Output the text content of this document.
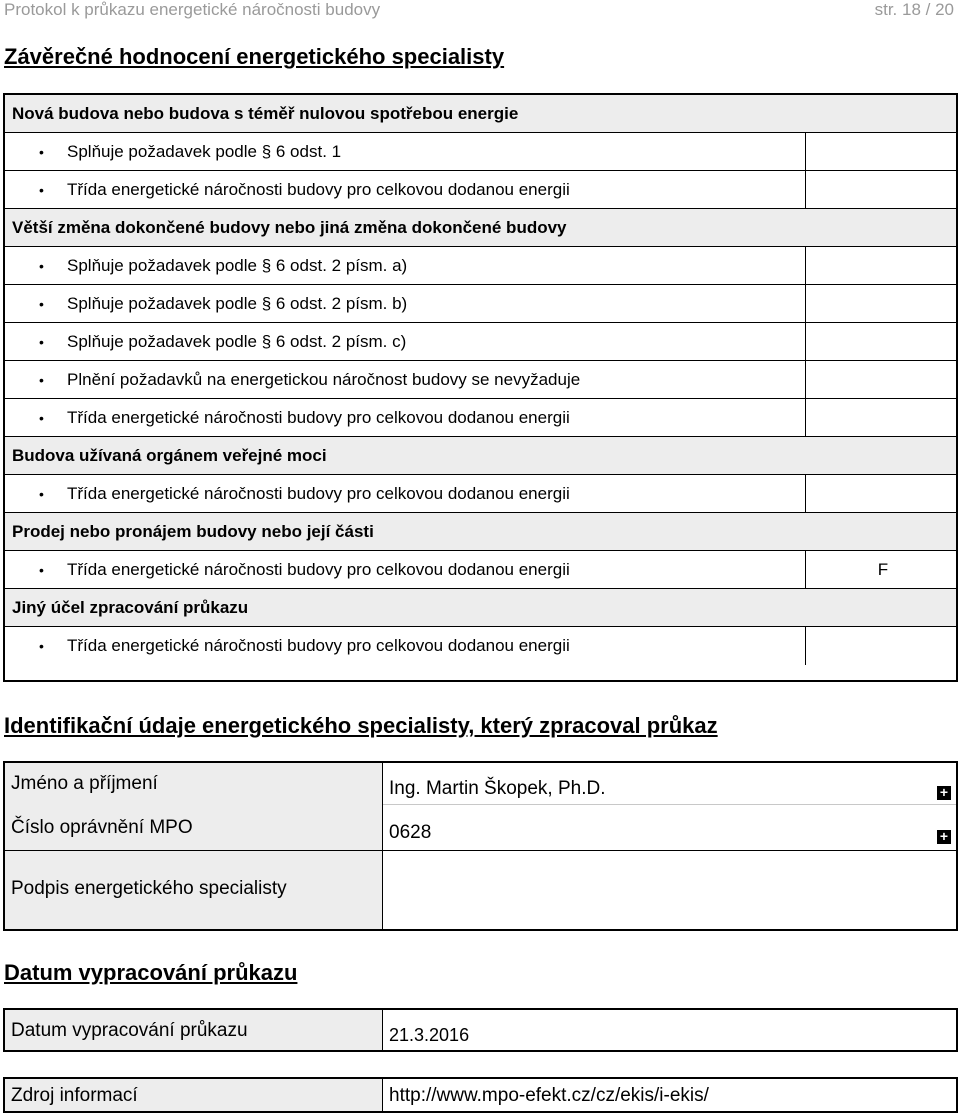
Protokol k průkazu energetické náročnosti budovy	str. 18 / 20
Závěrečné hodnocení energetického specialisty
Nová budova nebo budova s téměř nulovou spotřebou energie
• Splňuje požadavek podle § 6 odst. 1
• Třída energetické náročnosti budovy pro celkovou dodanou energii
Větší změna dokončené budovy nebo jiná změna dokončené budovy
• Splňuje požadavek podle § 6 odst. 2 písm. a)
• Splňuje požadavek podle § 6 odst. 2 písm. b)
• Splňuje požadavek podle § 6 odst. 2 písm. c)
• Plnění požadavků na energetickou náročnost budovy se nevyžaduje
• Třída energetické náročnosti budovy pro celkovou dodanou energii
Budova užívaná orgánem veřejné moci
• Třída energetické náročnosti budovy pro celkovou dodanou energii
Prodej nebo pronájem budovy nebo její části
• Třída energetické náročnosti budovy pro celkovou dodanou energii	F
Jiný účel zpracování průkazu
• Třída energetické náročnosti budovy pro celkovou dodanou energii
Identifikační údaje energetického specialisty, který zpracoval průkaz
Jméno a příjmení	Ing. Martin Škopek, Ph.D.	+
Číslo oprávnění MPO	0628	+
Podpis energetického specialisty
Datum vypracování průkazu
Datum vypracování průkazu	21.3.2016
Zdroj informací	http://www.mpo-efekt.cz/cz/ekis/i-ekis/
